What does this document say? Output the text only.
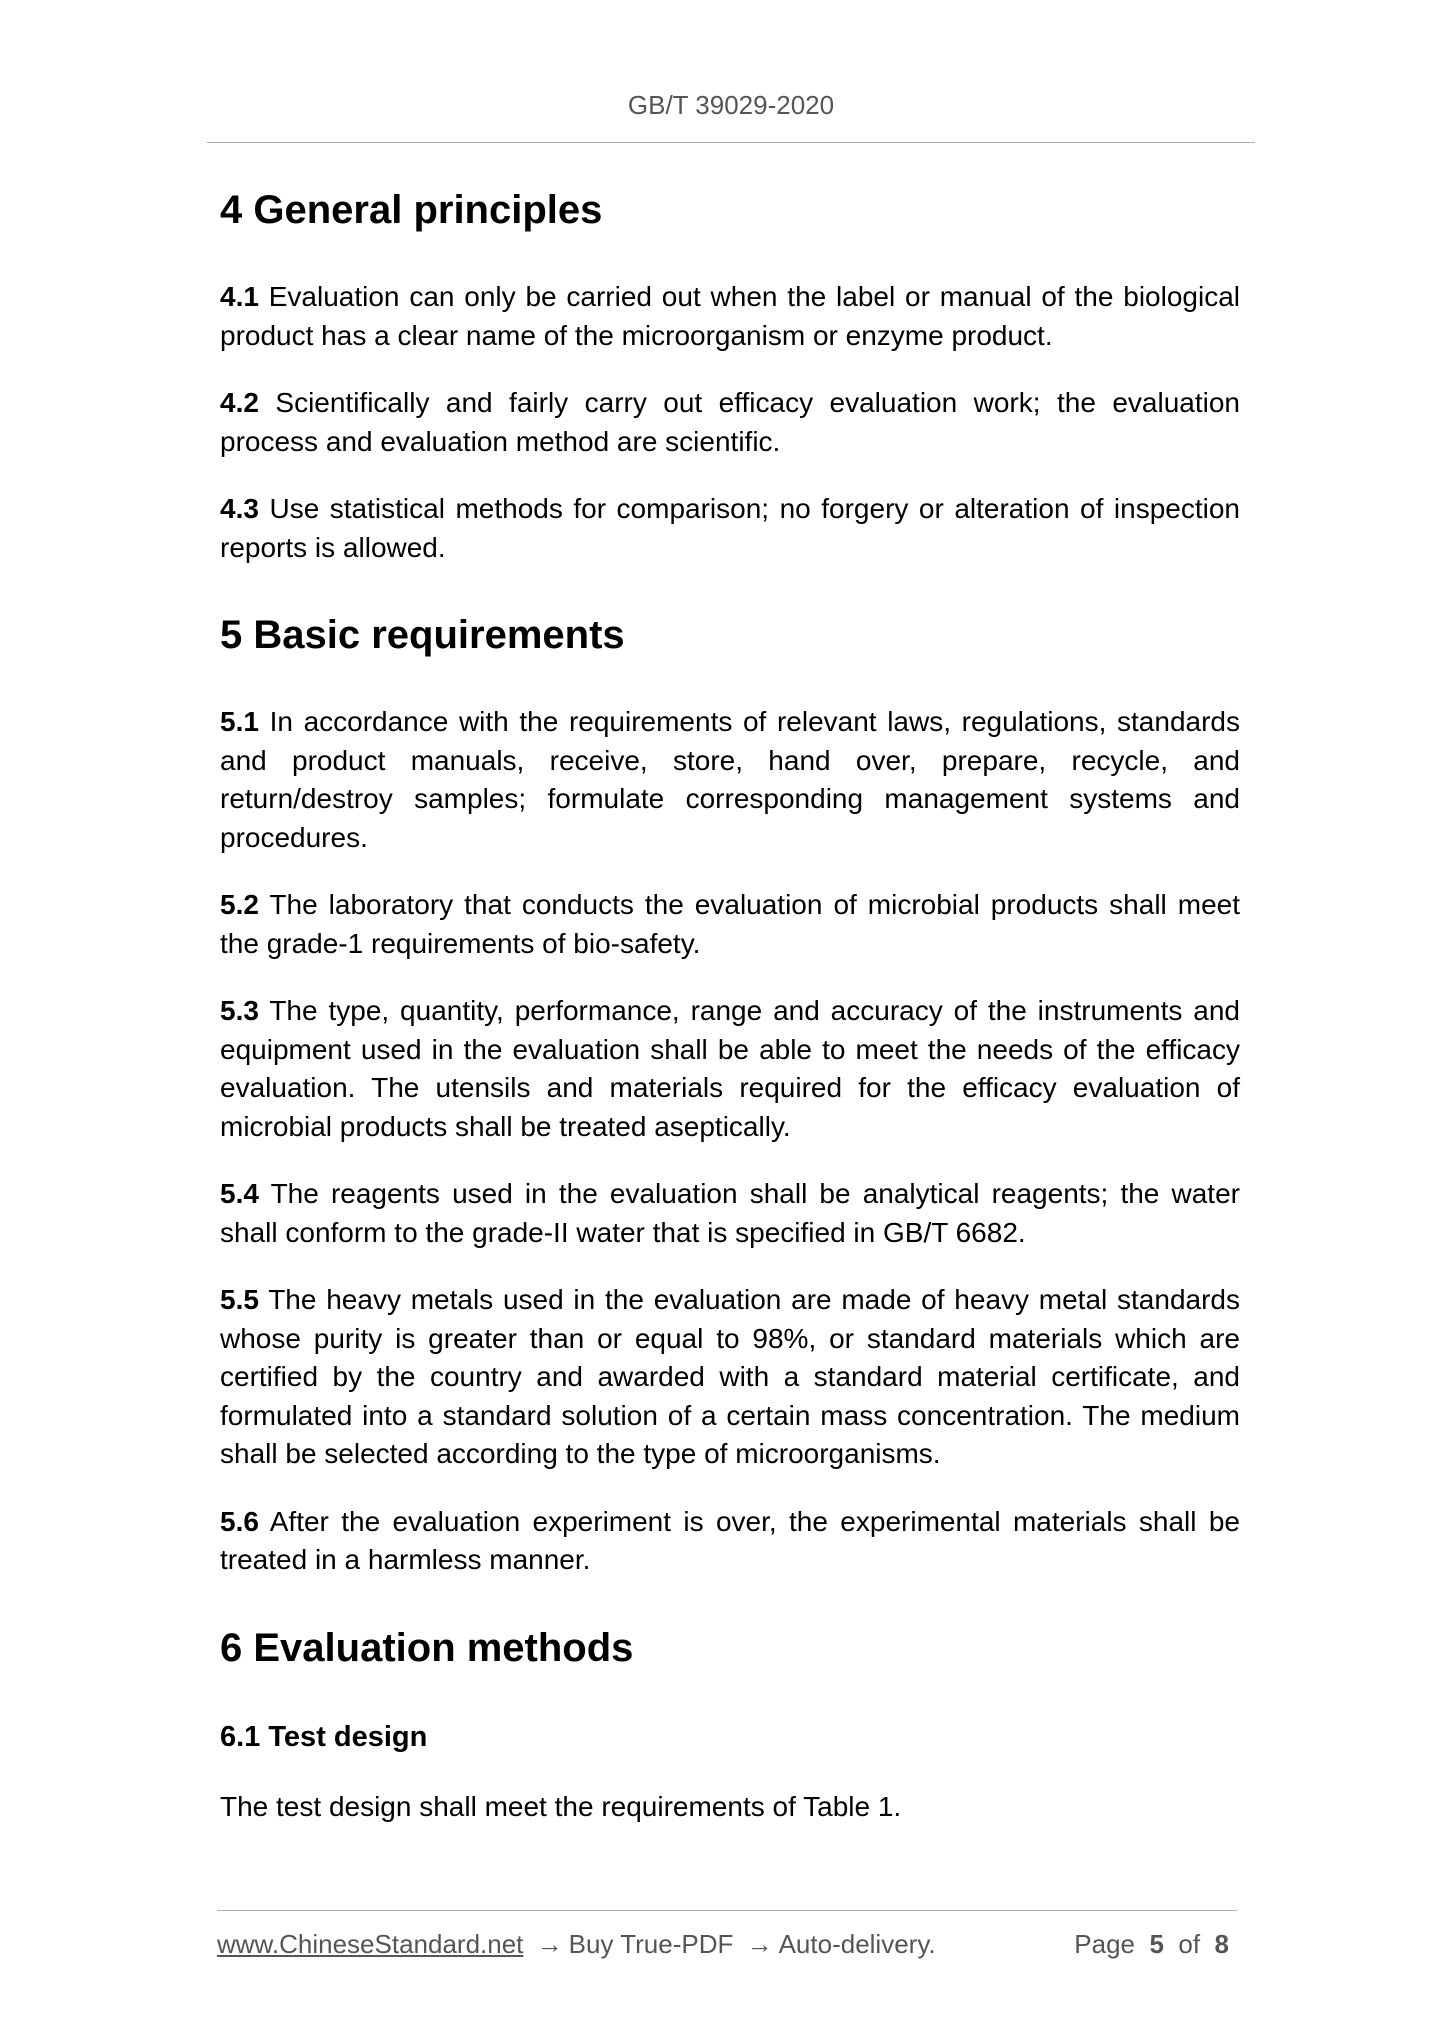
GB/T 39029-2020
4 General principles

4.1 Evaluation can only be carried out when the label or manual of the biological product has a clear name of the microorganism or enzyme product.

4.2 Scientifically and fairly carry out efficacy evaluation work; the evaluation process and evaluation method are scientific.

4.3 Use statistical methods for comparison; no forgery or alteration of inspection reports is allowed.

5 Basic requirements

5.1 In accordance with the requirements of relevant laws, regulations, standards and product manuals, receive, store, hand over, prepare, recycle, and return/destroy samples; formulate corresponding management systems and procedures.

5.2 The laboratory that conducts the evaluation of microbial products shall meet the grade-1 requirements of bio-safety.

5.3 The type, quantity, performance, range and accuracy of the instruments and equipment used in the evaluation shall be able to meet the needs of the efficacy evaluation. The utensils and materials required for the efficacy evaluation of microbial products shall be treated aseptically.

5.4 The reagents used in the evaluation shall be analytical reagents; the water shall conform to the grade-II water that is specified in GB/T 6682.

5.5 The heavy metals used in the evaluation are made of heavy metal standards whose purity is greater than or equal to 98%, or standard materials which are certified by the country and awarded with a standard material certificate, and formulated into a standard solution of a certain mass concentration. The medium shall be selected according to the type of microorganisms.

5.6 After the evaluation experiment is over, the experimental materials shall be treated in a harmless manner.

6 Evaluation methods
6.1 Test design

The test design shall meet the requirements of Table 1.

www.ChineseStandard.net → Buy True-PDF → Auto-delivery.	Page 5 of 8
